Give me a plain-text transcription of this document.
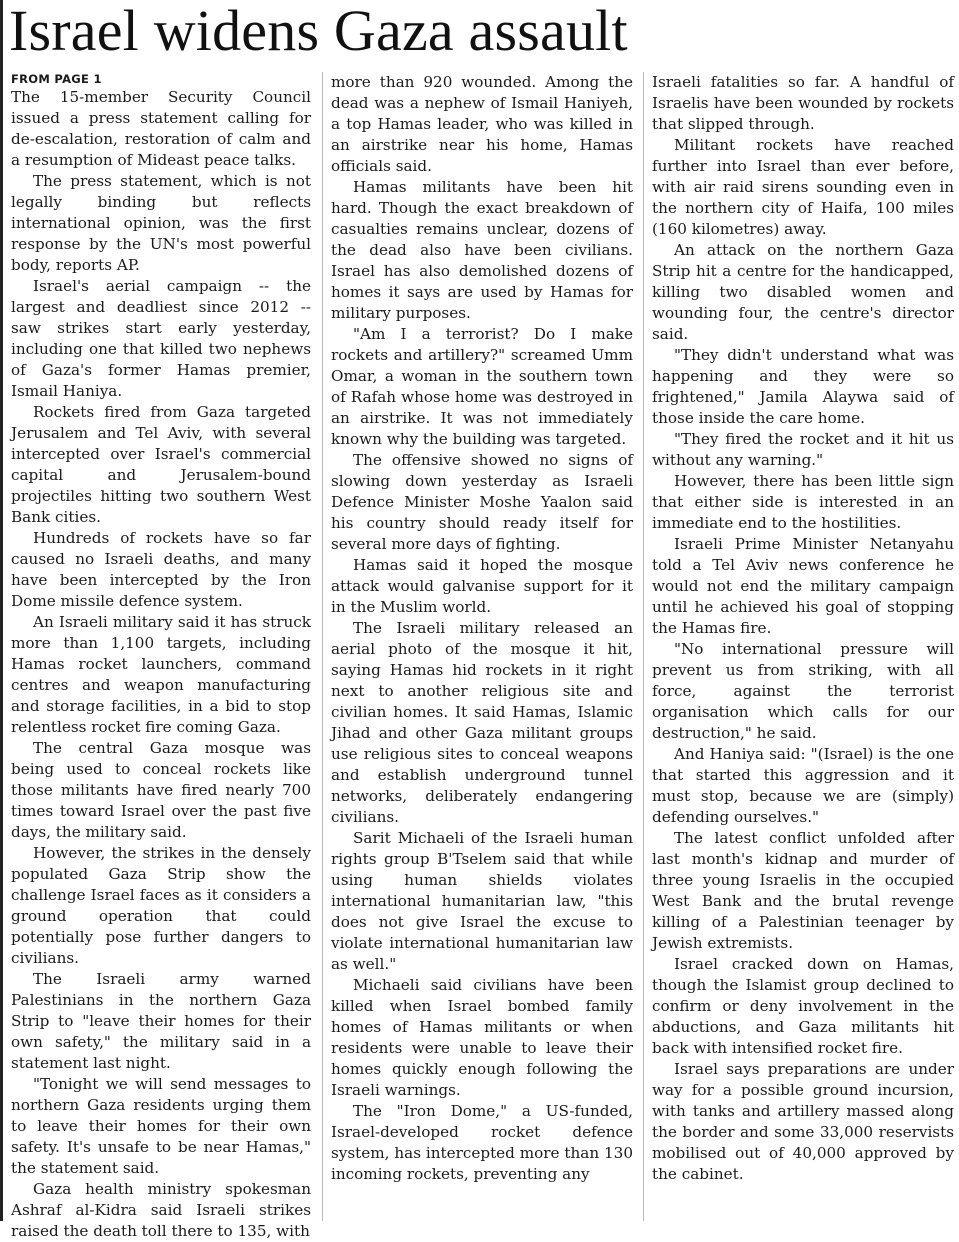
Israel widens Gaza assault
FROM PAGE 1

The 15-member Security Council issued a press statement calling for de-escalation, restoration of calm and a resumption of Mideast peace talks.

The press statement, which is not legally binding but reflects international opinion, was the first response by the UN's most powerful body, reports AP.

Israel's aerial campaign -- the largest and deadliest since 2012 -- saw strikes start early yesterday, including one that killed two nephews of Gaza's former Hamas premier, Ismail Haniya.

Rockets fired from Gaza targeted Jerusalem and Tel Aviv, with several intercepted over Israel's commercial capital and Jerusalem-bound projectiles hitting two southern West Bank cities.

Hundreds of rockets have so far caused no Israeli deaths, and many have been intercepted by the Iron Dome missile defence system.

An Israeli military said it has struck more than 1,100 targets, including Hamas rocket launchers, command centres and weapon manufacturing and storage facilities, in a bid to stop relentless rocket fire coming Gaza.

The central Gaza mosque was being used to conceal rockets like those militants have fired nearly 700 times toward Israel over the past five days, the military said.

However, the strikes in the densely populated Gaza Strip show the challenge Israel faces as it considers a ground operation that could potentially pose further dangers to civilians.

The Israeli army warned Palestinians in the northern Gaza Strip to "leave their homes for their own safety," the military said in a statement last night.

"Tonight we will send messages to northern Gaza residents urging them to leave their homes for their own safety. It's unsafe to be near Hamas," the statement said.

Gaza health ministry spokesman Ashraf al-Kidra said Israeli strikes raised the death toll there to 135, with

more than 920 wounded. Among the dead was a nephew of Ismail Haniyeh, a top Hamas leader, who was killed in an airstrike near his home, Hamas officials said.

Hamas militants have been hit hard. Though the exact breakdown of casualties remains unclear, dozens of the dead also have been civilians. Israel has also demolished dozens of homes it says are used by Hamas for military purposes.

"Am I a terrorist? Do I make rockets and artillery?" screamed Umm Omar, a woman in the southern town of Rafah whose home was destroyed in an airstrike. It was not immediately known why the building was targeted.

The offensive showed no signs of slowing down yesterday as Israeli Defence Minister Moshe Yaalon said his country should ready itself for several more days of fighting.

Hamas said it hoped the mosque attack would galvanise support for it in the Muslim world.

The Israeli military released an aerial photo of the mosque it hit, saying Hamas hid rockets in it right next to another religious site and civilian homes. It said Hamas, Islamic Jihad and other Gaza militant groups use religious sites to conceal weapons and establish underground tunnel networks, deliberately endangering civilians.

Sarit Michaeli of the Israeli human rights group B'Tselem said that while using human shields violates international humanitarian law, "this does not give Israel the excuse to violate international humanitarian law as well."

Michaeli said civilians have been killed when Israel bombed family homes of Hamas militants or when residents were unable to leave their homes quickly enough following the Israeli warnings.

The "Iron Dome," a US-funded, Israel-developed rocket defence system, has intercepted more than 130 incoming rockets, preventing any

Israeli fatalities so far. A handful of Israelis have been wounded by rockets that slipped through.

Militant rockets have reached further into Israel than ever before, with air raid sirens sounding even in the northern city of Haifa, 100 miles (160 kilometres) away.

An attack on the northern Gaza Strip hit a centre for the handicapped, killing two disabled women and wounding four, the centre's director said.

"They didn't understand what was happening and they were so frightened," Jamila Alaywa said of those inside the care home.

"They fired the rocket and it hit us without any warning."

However, there has been little sign that either side is interested in an immediate end to the hostilities.

Israeli Prime Minister Netanyahu told a Tel Aviv news conference he would not end the military campaign until he achieved his goal of stopping the Hamas fire.

"No international pressure will prevent us from striking, with all force, against the terrorist organisation which calls for our destruction," he said.

And Haniya said: "(Israel) is the one that started this aggression and it must stop, because we are (simply) defending ourselves."

The latest conflict unfolded after last month's kidnap and murder of three young Israelis in the occupied West Bank and the brutal revenge killing of a Palestinian teenager by Jewish extremists.

Israel cracked down on Hamas, though the Islamist group declined to confirm or deny involvement in the abductions, and Gaza militants hit back with intensified rocket fire.

Israel says preparations are under way for a possible ground incursion, with tanks and artillery massed along the border and some 33,000 reservists mobilised out of 40,000 approved by the cabinet.
